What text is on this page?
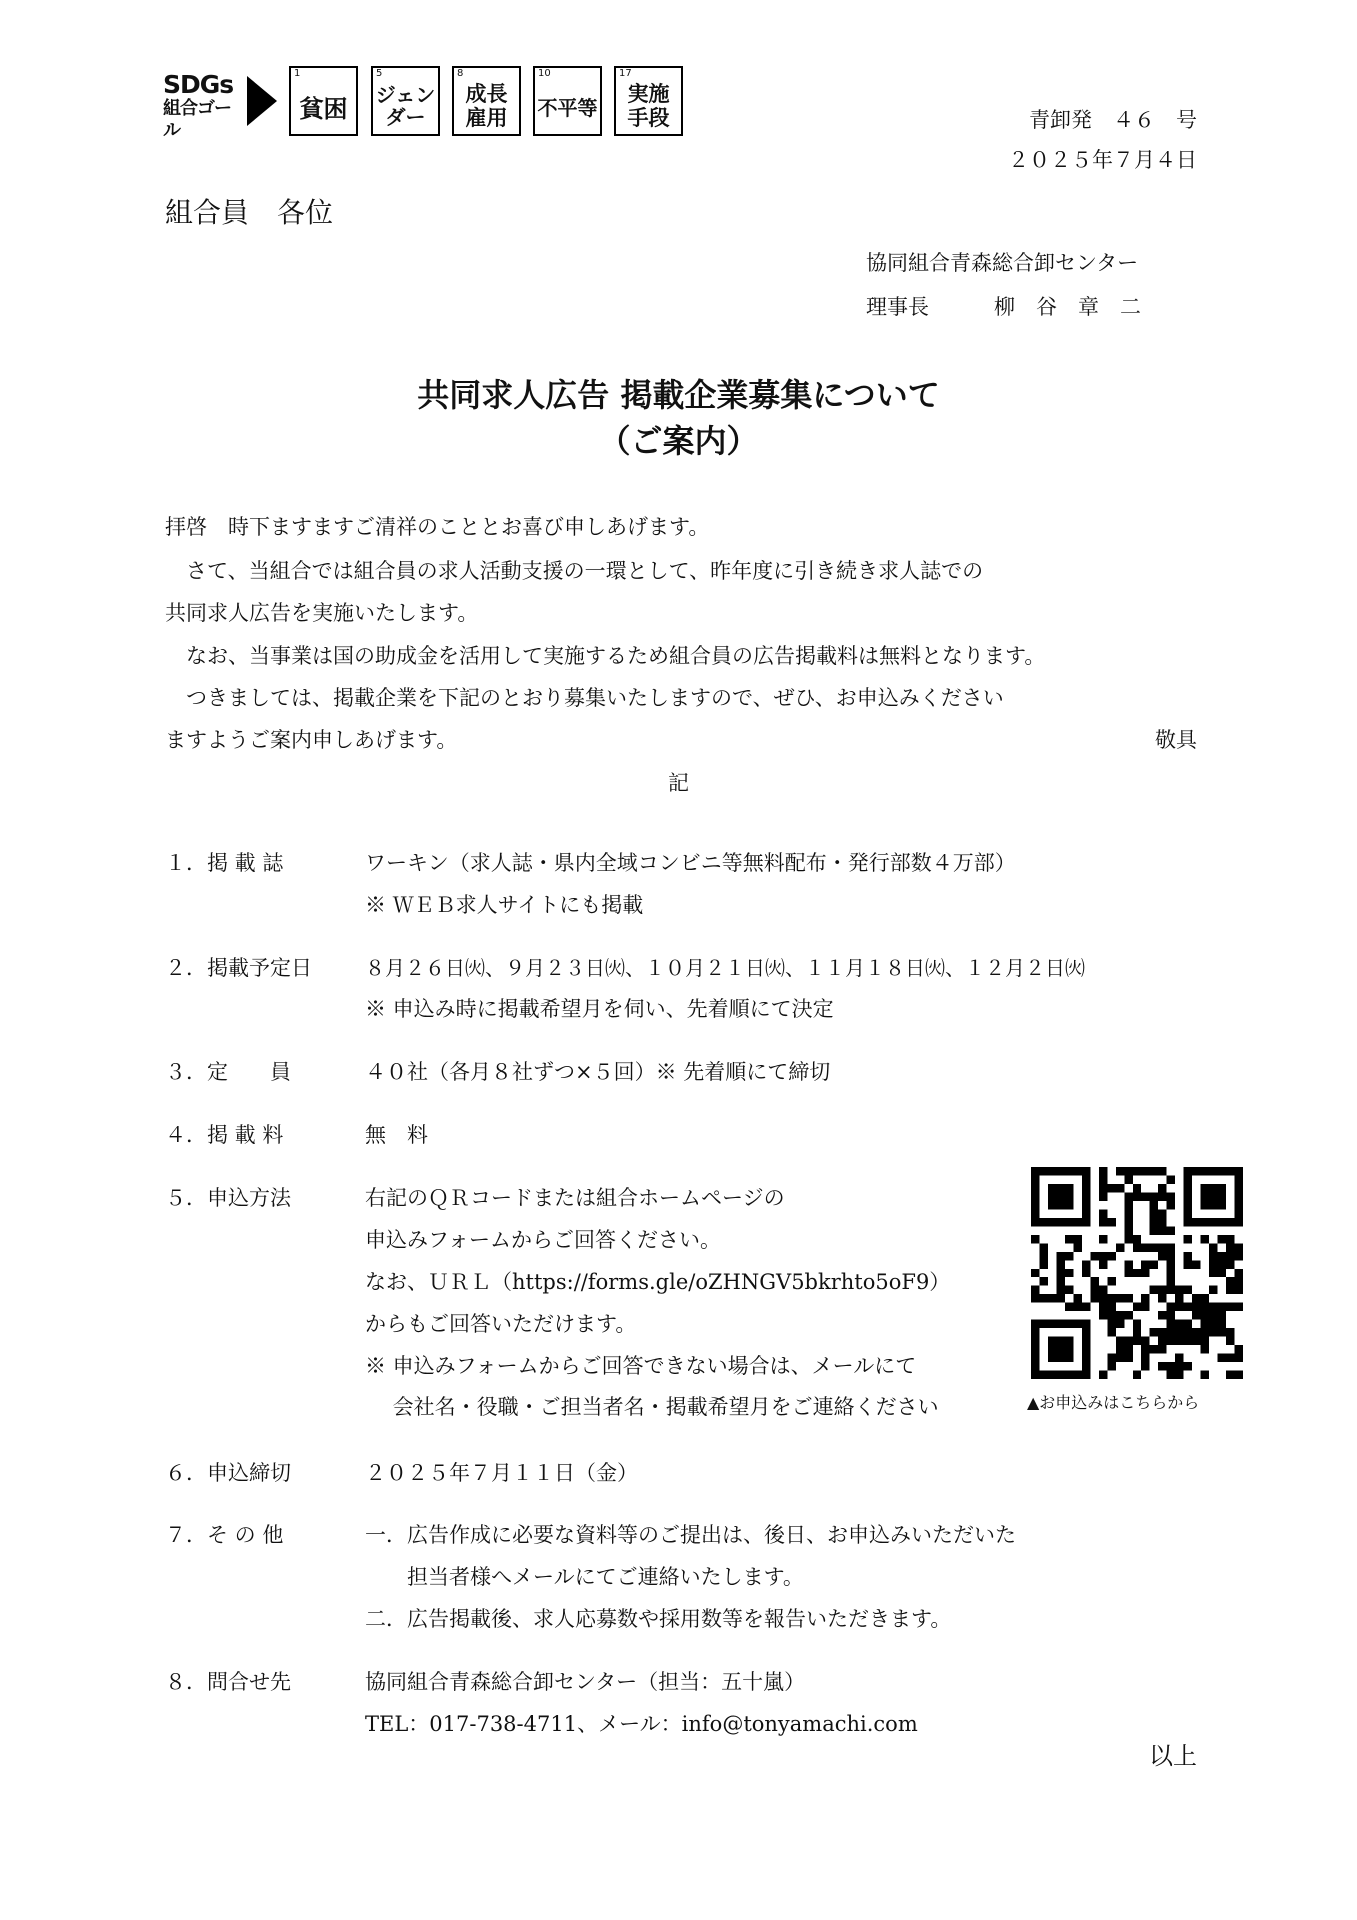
SDGs
組合ゴール
1
貧困
5
ジェン
ダー
8
成長
雇用
10
不平等
17
実施
手段	青卸発　４６　号
２０２５年７月４日
組合員　各位
協同組合青森総合卸センター
理事長	柳　谷　章　二
共同求人広告 掲載企業募集について
（ご案内）
拝啓　時下ますますご清祥のこととお喜び申しあげます。
　さて、当組合では組合員の求人活動支援の一環として、昨年度に引き続き求人誌での
共同求人広告を実施いたします。
　なお、当事業は国の助成金を活用して実施するため組合員の広告掲載料は無料となります。
　つきましては、掲載企業を下記のとおり募集いたしますので、ぜひ、お申込みください
ますようご案内申しあげます。	敬具
記
１．掲 載 誌	ワーキン（求人誌・県内全域コンビニ等無料配布・発行部数４万部）
※ ＷＥＢ求人サイトにも掲載
２．掲載予定日	８月２６日㈫、９月２３日㈫、１０月２１日㈫、１１月１８日㈫、１２月２日㈫
※ 申込み時に掲載希望月を伺い、先着順にて決定
３．定　　員	４０社（各月８社ずつ×５回）※ 先着順にて締切
４．掲 載 料	無　料
５．申込方法	右記のＱＲコードまたは組合ホームページの
申込みフォームからご回答ください。
なお、ＵＲＬ（https://forms.gle/oZHNGV5bkrhto5oF9）
からもご回答いただけます。
※ 申込みフォームからご回答できない場合は、メールにて
　 会社名・役職・ご担当者名・掲載希望月をご連絡ください	▲お申込みはこちらから
６．申込締切	２０２５年７月１１日（金）
７．そ の 他	一．広告作成に必要な資料等のご提出は、後日、お申込みいただいた
　　担当者様へメールにてご連絡いたします。
二．広告掲載後、求人応募数や採用数等を報告いただきます。
８．問合せ先	協同組合青森総合卸センター（担当：五十嵐）
TEL：017-738-4711、メール：info@tonyamachi.com
以上
